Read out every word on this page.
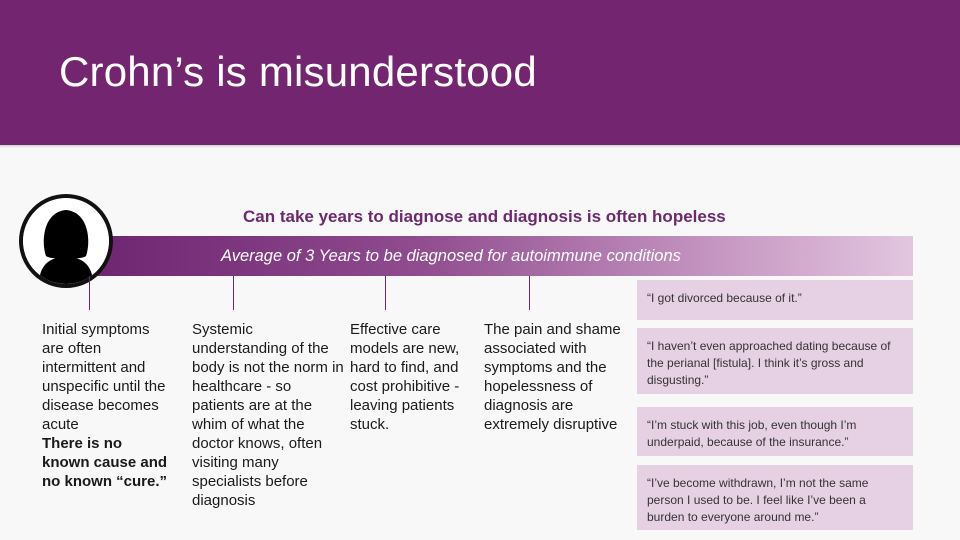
Crohn’s is misunderstood
Can take years to diagnose and diagnosis is often hopeless
Average of 3 Years to be diagnosed for autoimmune conditions
Initial symptoms are often intermittent and unspecific until the disease becomes acute
There is no known cause and no known “cure.”
Systemic understanding of the body is not the norm in healthcare - so patients are at the whim of what the doctor knows, often visiting many specialists before diagnosis
Effective care models are new, hard to find, and cost prohibitive - leaving patients stuck.
The pain and shame associated with symptoms and the hopelessness of diagnosis are extremely disruptive
“I got divorced because of it.”
“I haven’t even approached dating because of the perianal [fistula]. I think it’s gross and disgusting.”
“I’m stuck with this job, even though I’m underpaid, because of the insurance.”
“I’ve become withdrawn, I’m not the same person I used to be. I feel like I’ve been a burden to everyone around me.”
